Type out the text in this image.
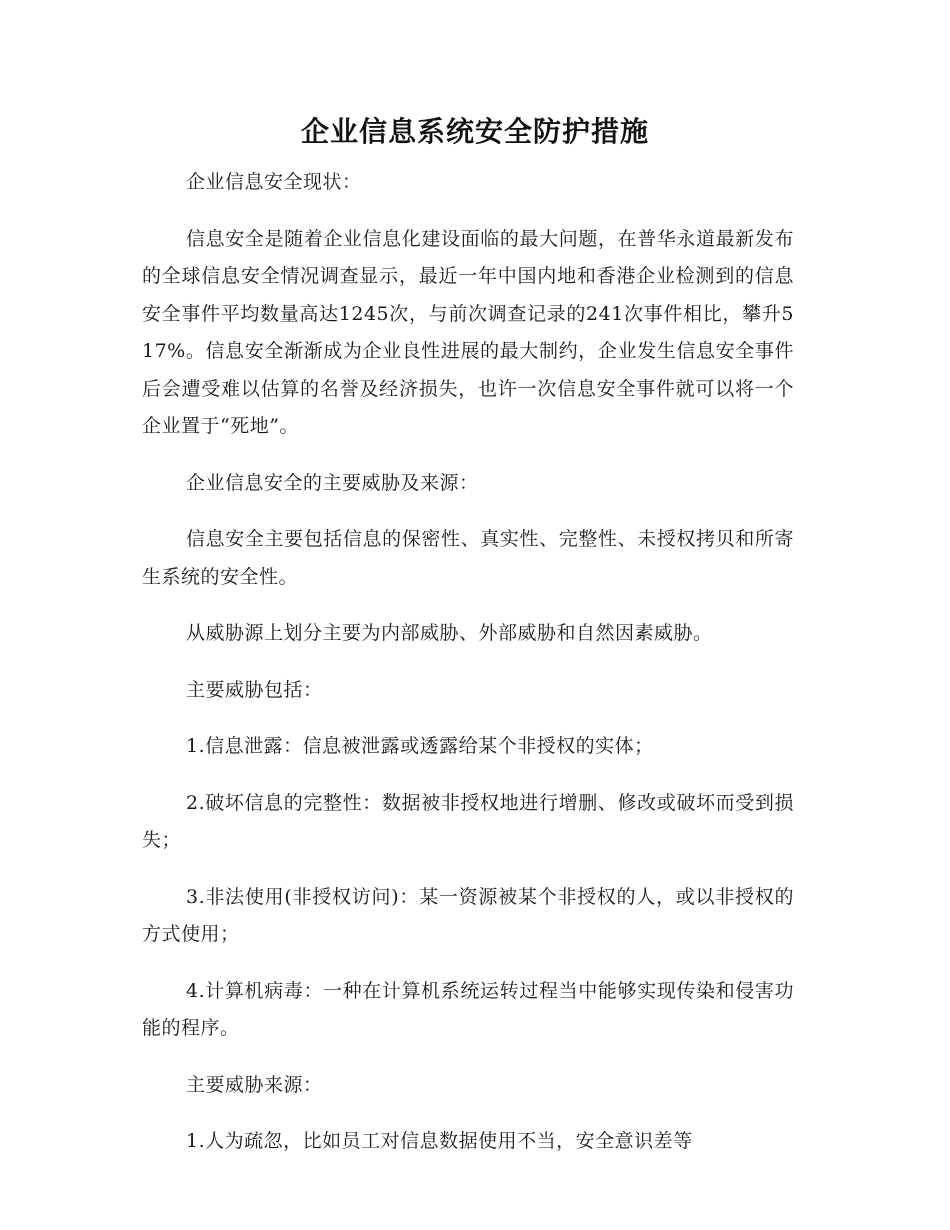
企业信息系统安全防护措施

企业信息安全现状：

信息安全是随着企业信息化建设面临的最大问题，在普华永道最新发布的全球信息安全情况调查显示，最近一年中国内地和香港企业检测到的信息安全事件平均数量高达1245次，与前次调查记录的241次事件相比，攀升517%。信息安全渐渐成为企业良性进展的最大制约，企业发生信息安全事件后会遭受难以估算的名誉及经济损失，也许一次信息安全事件就可以将一个企业置于“死地”。

企业信息安全的主要威胁及来源：

信息安全主要包括信息的保密性、真实性、完整性、未授权拷贝和所寄生系统的安全性。

从威胁源上划分主要为内部威胁、外部威胁和自然因素威胁。

主要威胁包括：

1.信息泄露：信息被泄露或透露给某个非授权的实体；

2.破坏信息的完整性：数据被非授权地进行增删、修改或破坏而受到损失；

3.非法使用(非授权访问)：某一资源被某个非授权的人，或以非授权的方式使用；

4.计算机病毒：一种在计算机系统运转过程当中能够实现传染和侵害功能的程序。

主要威胁来源：

1.人为疏忽，比如员工对信息数据使用不当，安全意识差等
